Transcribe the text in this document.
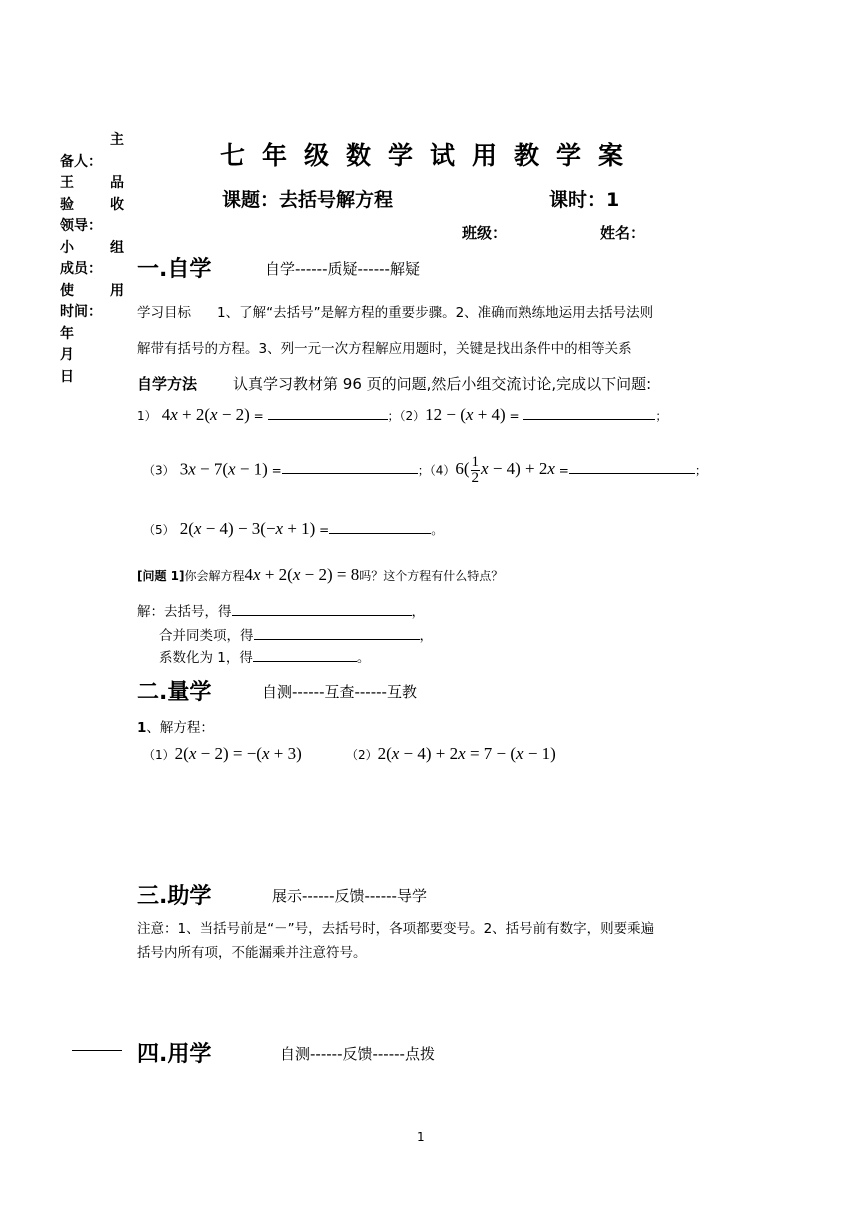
主
备人：
王	品
验	收
领导：
小	组
成员：
使	用
时间：
年
月
日
七年级数学试用教学案
课题：去括号解方程	课时：1
班级：	姓名：
一.自学	自学------质疑------解疑
学习目标 1、了解“去括号”是解方程的重要步骤。2、准确而熟练地运用去括号法则
解带有括号的方程。3、列一元一次方程解应用题时，关键是找出条件中的相等关系
自学方法 认真学习教材第 96 页的问题,然后小组交流讨论,完成以下问题:
1） 4x + 2(x − 2) =	；（2）12 − (x + 4) =	；
（3） 3x − 7(x − 1) =	；$(4)6( \frac{1}{2}$ x − 4) + 2x =	；
（5） 2(x − 4) − 3(−x + 1) =	。
[问题 1]你会解方程4x + 2(x − 2) = 8吗？这个方程有什么特点？
解：去括号，得	，
合并同类项，得	，
系数化为 1，得	。
二.量学	自测------互查------互教
1、解方程：
（1）2(x − 2) = −(x + 3)	（2）2(x − 4) + 2x = 7 − (x − 1)
三.助学	展示------反馈------导学
注意：1、当括号前是“－”号，去括号时，各项都要变号。2、括号前有数字，则要乘遍
括号内所有项，不能漏乘并注意符号。
四.用学	自测------反馈------点拨
1
